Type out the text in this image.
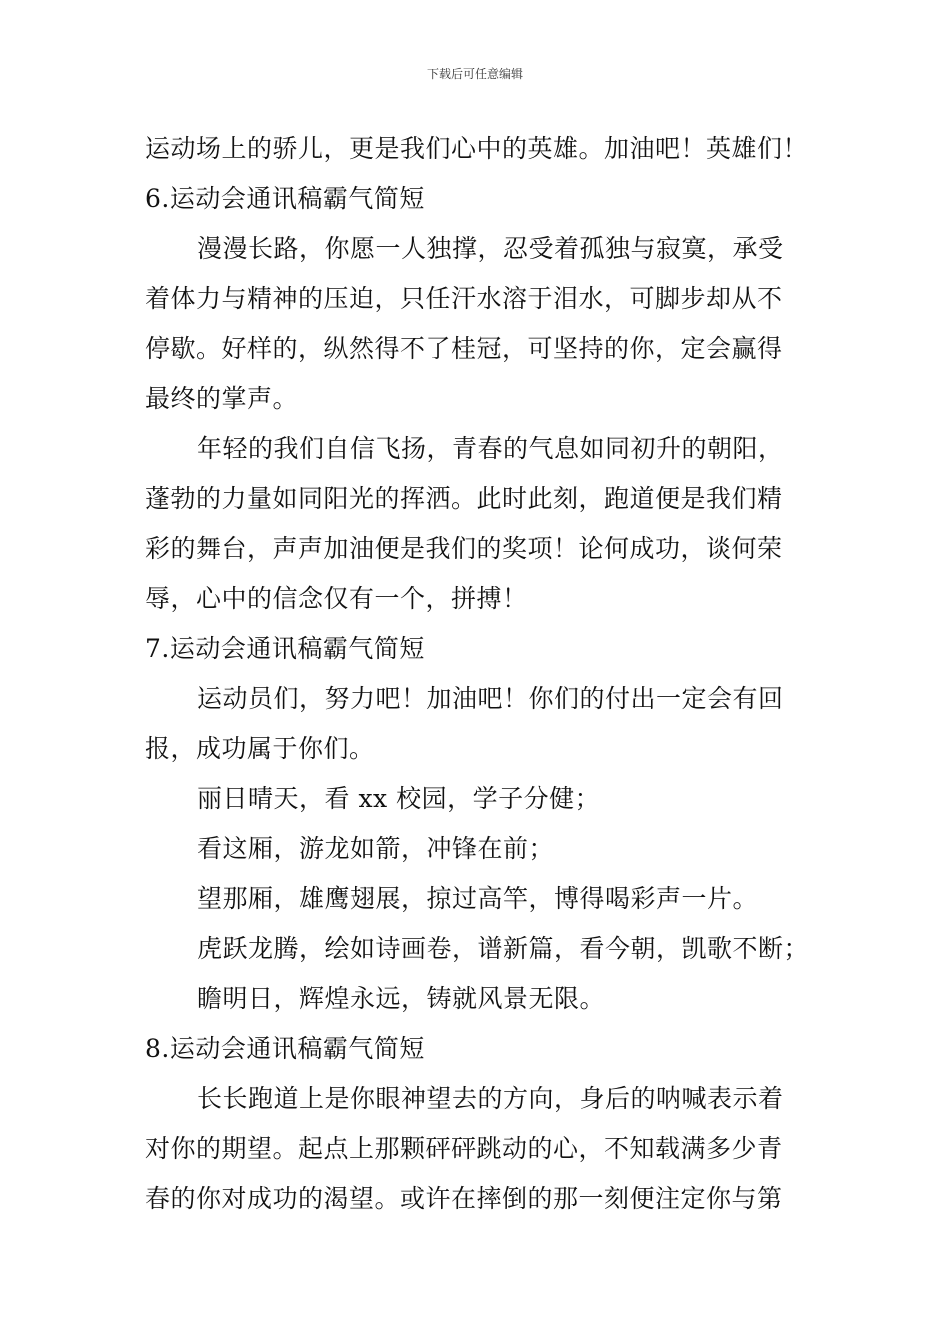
下载后可任意编辑
运动场上的骄儿，更是我们心中的英雄。加油吧！英雄们！
6.运动会通讯稿霸气简短
漫漫长路，你愿一人独撑，忍受着孤独与寂寞，承受
着体力与精神的压迫，只任汗水溶于泪水，可脚步却从不
停歇。好样的，纵然得不了桂冠，可坚持的你，定会赢得
最终的掌声。
年轻的我们自信飞扬，青春的气息如同初升的朝阳，
蓬勃的力量如同阳光的挥洒。此时此刻，跑道便是我们精
彩的舞台，声声加油便是我们的奖项！论何成功，谈何荣
辱，心中的信念仅有一个，拼搏！
7.运动会通讯稿霸气简短
运动员们，努力吧！加油吧！你们的付出一定会有回
报，成功属于你们。
丽日晴天，看 xx 校园，学子分健；
看这厢，游龙如箭，冲锋在前；
望那厢，雄鹰翅展，掠过高竿，博得喝彩声一片。
虎跃龙腾，绘如诗画卷，谱新篇，看今朝，凯歌不断；
瞻明日，辉煌永远，铸就风景无限。
8.运动会通讯稿霸气简短
长长跑道上是你眼神望去的方向，身后的呐喊表示着
对你的期望。起点上那颗砰砰跳动的心，不知载满多少青
春的你对成功的渴望。或许在摔倒的那一刻便注定你与第
